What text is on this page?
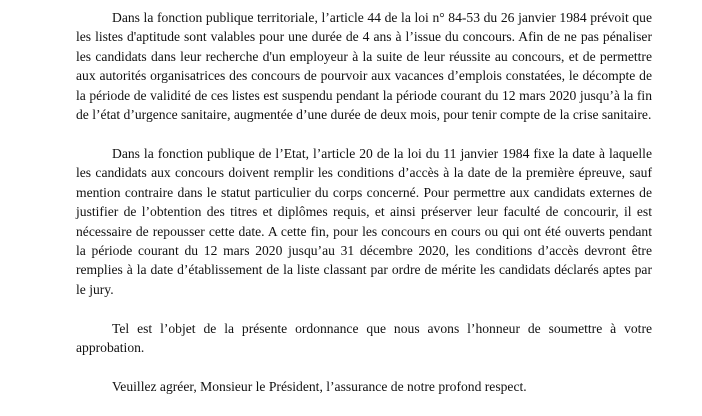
Dans la fonction publique territoriale, l’article 44 de la loi n° 84-53 du 26 janvier 1984 prévoit que les listes d'aptitude sont valables pour une durée de 4 ans à l’issue du concours. Afin de ne pas pénaliser les candidats dans leur recherche d'un employeur à la suite de leur réussite au concours, et de permettre aux autorités organisatrices des concours de pourvoir aux vacances d’emplois constatées, le décompte de la période de validité de ces listes est suspendu pendant la période courant du 12 mars 2020 jusqu’à la fin de l’état d’urgence sanitaire, augmentée d’une durée de deux mois, pour tenir compte de la crise sanitaire.

Dans la fonction publique de l’Etat, l’article 20 de la loi du 11 janvier 1984 fixe la date à laquelle les candidats aux concours doivent remplir les conditions d’accès à la date de la première épreuve, sauf mention contraire dans le statut particulier du corps concerné. Pour permettre aux candidats externes de justifier de l’obtention des titres et diplômes requis, et ainsi préserver leur faculté de concourir, il est nécessaire de repousser cette date. A cette fin, pour les concours en cours ou qui ont été ouverts pendant la période courant du 12 mars 2020 jusqu’au 31 décembre 2020, les conditions d’accès devront être remplies à la date d’établissement de la liste classant par ordre de mérite les candidats déclarés aptes par le jury.

Tel est l’objet de la présente ordonnance que nous avons l’honneur de soumettre à votre approbation.

Veuillez agréer, Monsieur le Président, l’assurance de notre profond respect.
